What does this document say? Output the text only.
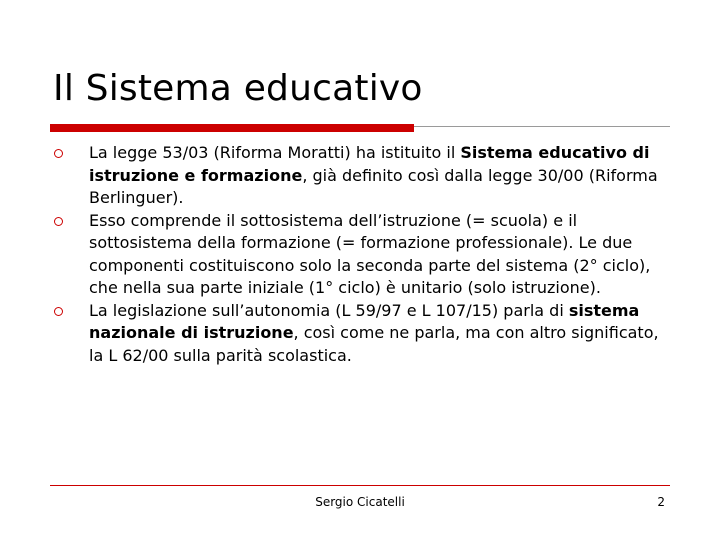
Il Sistema educativo
La legge 53/03 (Riforma Moratti) ha istituito il Sistema educativo di istruzione e formazione, già definito così dalla legge 30/00 (Riforma Berlinguer).
Esso comprende il sottosistema dell’istruzione (= scuola) e il sottosistema della formazione (= formazione professionale). Le due componenti costituiscono solo la seconda parte del sistema (2° ciclo), che nella sua parte iniziale (1° ciclo) è unitario (solo istruzione).
La legislazione sull’autonomia (L 59/97 e L 107/15) parla di sistema nazionale di istruzione, così come ne parla, ma con altro significato, la L 62/00 sulla parità scolastica.
Sergio Cicatelli	2
